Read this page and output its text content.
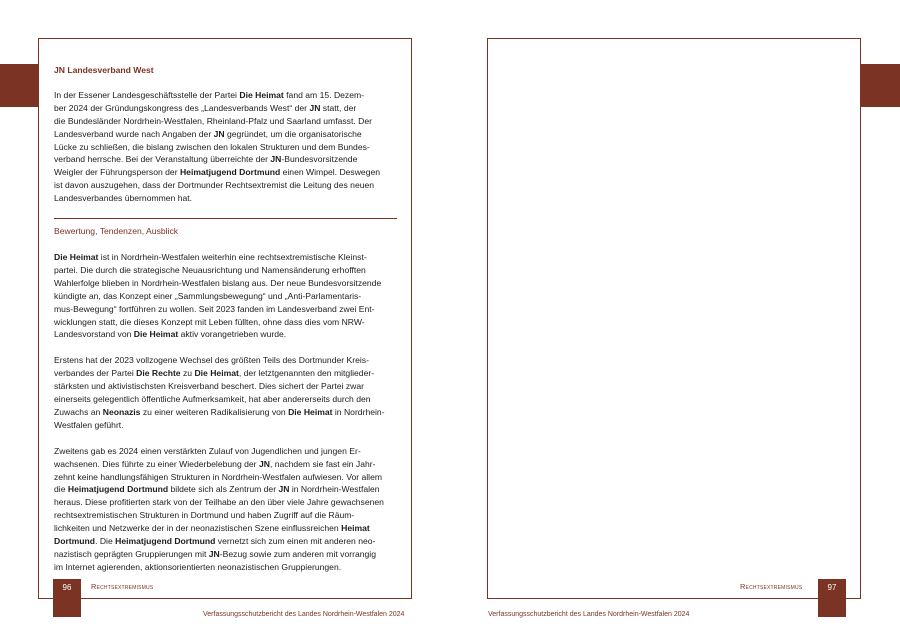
JN Landesverband West
In der Essener Landesgeschäftsstelle der Partei Die Heimat fand am 15. Dezem-
ber 2024 der Gründungskongress des „Landesverbands West“ der JN statt, der
die Bundesländer Nordrhein-Westfalen, Rheinland-Pfalz und Saarland umfasst. Der
Landesverband wurde nach Angaben der JN gegründet, um die organisatorische
Lücke zu schließen, die bislang zwischen den lokalen Strukturen und dem Bundes-
verband herrsche. Bei der Veranstaltung überreichte der JN-Bundesvorsitzende
Weigler der Führungsperson der Heimatjugend Dortmund einen Wimpel. Deswegen
ist davon auszugehen, dass der Dortmunder Rechtsextremist die Leitung des neuen
Landesverbandes übernommen hat.
Bewertung, Tendenzen, Ausblick
Die Heimat ist in Nordrhein-Westfalen weiterhin eine rechtsextremistische Kleinst-
partei. Die durch die strategische Neuausrichtung und Namensänderung erhofften
Wahlerfolge blieben in Nordrhein-Westfalen bislang aus. Der neue Bundesvorsitzende
kündigte an, das Konzept einer „Sammlungsbewegung“ und „Anti-Parlamentaris-
mus-Bewegung“ fortführen zu wollen. Seit 2023 fanden im Landesverband zwei Ent-
wicklungen statt, die dieses Konzept mit Leben füllten, ohne dass dies vom NRW-
Landesvorstand von Die Heimat aktiv vorangetrieben wurde.
Erstens hat der 2023 vollzogene Wechsel des größten Teils des Dortmunder Kreis-
verbandes der Partei Die Rechte zu Die Heimat, der letztgenannten den mitglieder-
stärksten und aktivistischsten Kreisverband beschert. Dies sichert der Partei zwar
einerseits gelegentlich öffentliche Aufmerksamkeit, hat aber andererseits durch den
Zuwachs an Neonazis zu einer weiteren Radikalisierung von Die Heimat in Nordrhein-
Westfalen geführt.
Zweitens gab es 2024 einen verstärkten Zulauf von Jugendlichen und jungen Er-
wachsenen. Dies führte zu einer Wiederbelebung der JN, nachdem sie fast ein Jahr-
zehnt keine handlungsfähigen Strukturen in Nordrhein-Westfalen aufwiesen. Vor allem
die Heimatjugend Dortmund bildete sich als Zentrum der JN in Nordrhein-Westfalen
heraus. Diese profitierten stark von der Teilhabe an den über viele Jahre gewachsenen
rechtsextremistischen Strukturen in Dortmund und haben Zugriff auf die Räum-
lichkeiten und Netzwerke der in der neonazistischen Szene einflussreichen Heimat
Dortmund. Die Heimatjugend Dortmund vernetzt sich zum einen mit anderen neo-
nazistisch geprägten Gruppierungen mit JN-Bezug sowie zum anderen mit vorrangig
im Internet agierenden, aktionsorientierten neonazistischen Gruppierungen.
96	Rechtsextremismus
Verfassungsschutzbericht des Landes Nordrhein-Westfalen 2024
97
Rechtsextremismus
Verfassungsschutzbericht des Landes Nordrhein-Westfalen 2024
